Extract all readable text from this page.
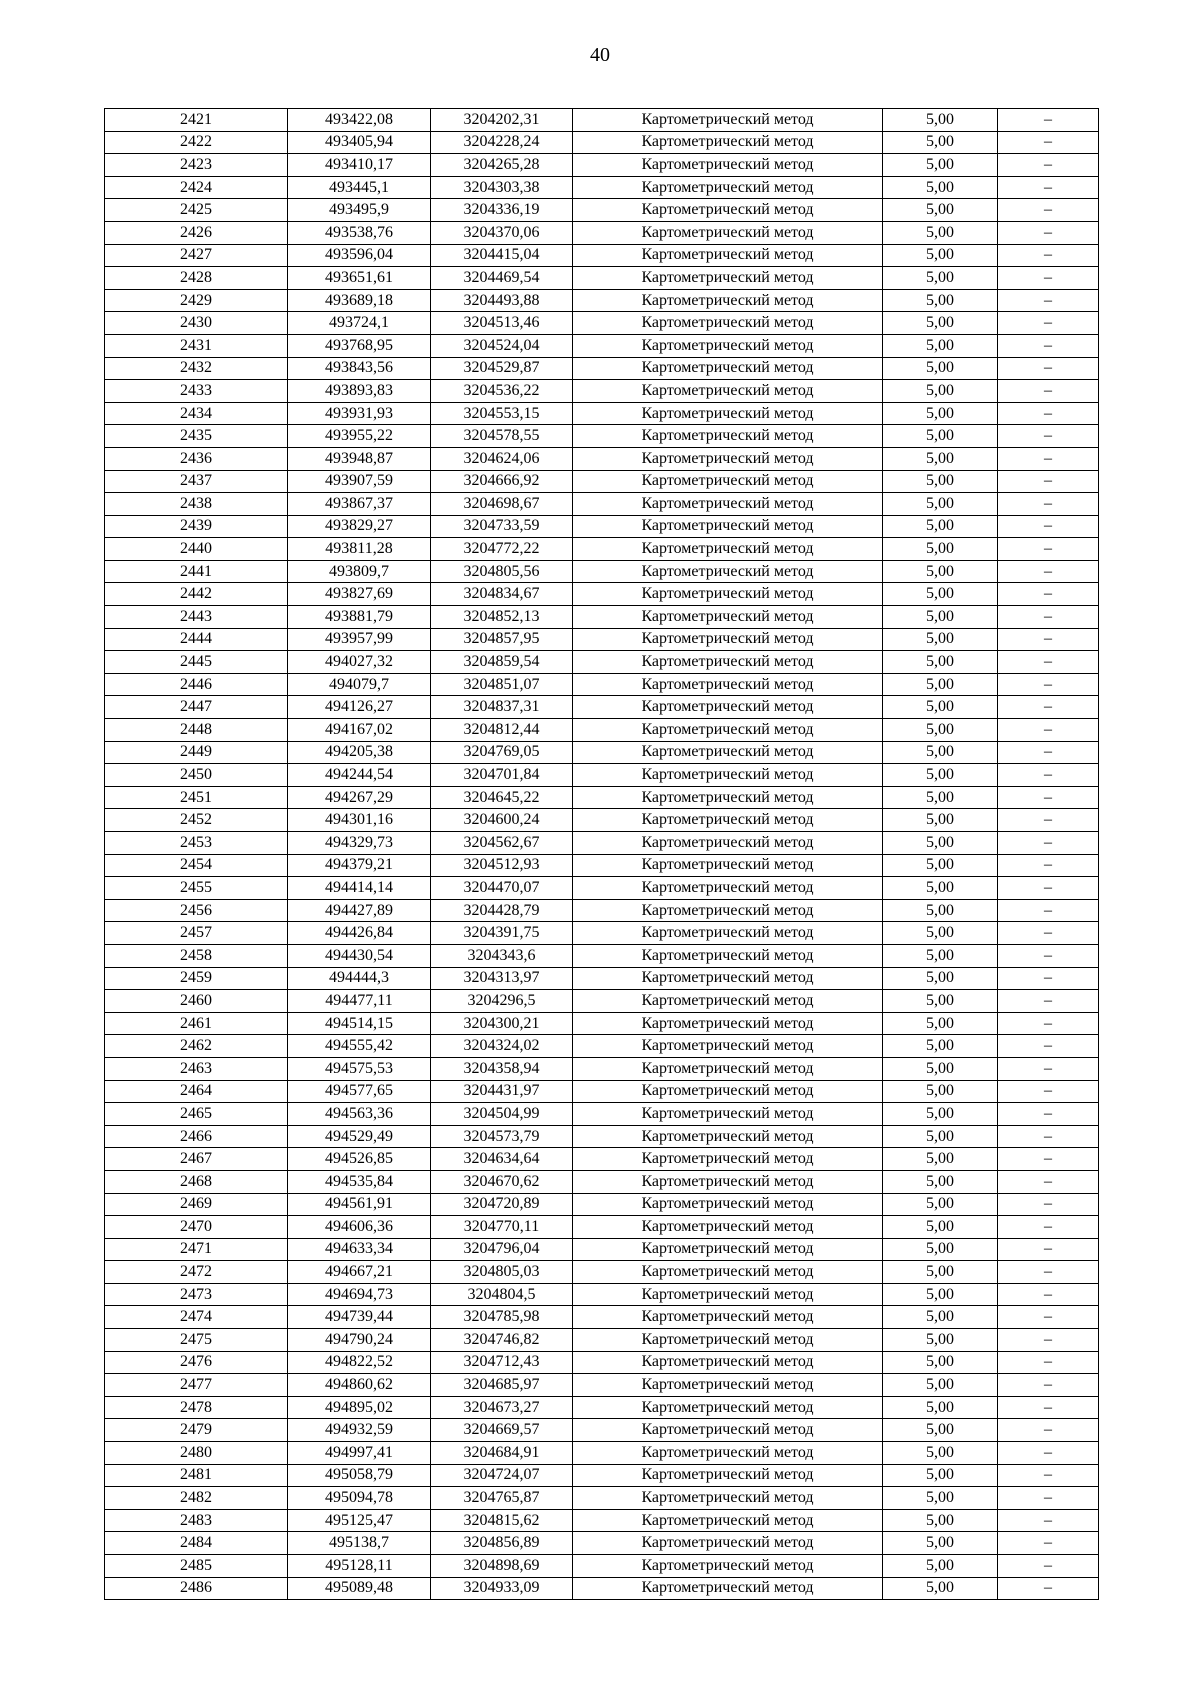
40
2421	493422,08	3204202,31	Картометрический метод	5,00	–
2422	493405,94	3204228,24	Картометрический метод	5,00	–
2423	493410,17	3204265,28	Картометрический метод	5,00	–
2424	493445,1	3204303,38	Картометрический метод	5,00	–
2425	493495,9	3204336,19	Картометрический метод	5,00	–
2426	493538,76	3204370,06	Картометрический метод	5,00	–
2427	493596,04	3204415,04	Картометрический метод	5,00	–
2428	493651,61	3204469,54	Картометрический метод	5,00	–
2429	493689,18	3204493,88	Картометрический метод	5,00	–
2430	493724,1	3204513,46	Картометрический метод	5,00	–
2431	493768,95	3204524,04	Картометрический метод	5,00	–
2432	493843,56	3204529,87	Картометрический метод	5,00	–
2433	493893,83	3204536,22	Картометрический метод	5,00	–
2434	493931,93	3204553,15	Картометрический метод	5,00	–
2435	493955,22	3204578,55	Картометрический метод	5,00	–
2436	493948,87	3204624,06	Картометрический метод	5,00	–
2437	493907,59	3204666,92	Картометрический метод	5,00	–
2438	493867,37	3204698,67	Картометрический метод	5,00	–
2439	493829,27	3204733,59	Картометрический метод	5,00	–
2440	493811,28	3204772,22	Картометрический метод	5,00	–
2441	493809,7	3204805,56	Картометрический метод	5,00	–
2442	493827,69	3204834,67	Картометрический метод	5,00	–
2443	493881,79	3204852,13	Картометрический метод	5,00	–
2444	493957,99	3204857,95	Картометрический метод	5,00	–
2445	494027,32	3204859,54	Картометрический метод	5,00	–
2446	494079,7	3204851,07	Картометрический метод	5,00	–
2447	494126,27	3204837,31	Картометрический метод	5,00	–
2448	494167,02	3204812,44	Картометрический метод	5,00	–
2449	494205,38	3204769,05	Картометрический метод	5,00	–
2450	494244,54	3204701,84	Картометрический метод	5,00	–
2451	494267,29	3204645,22	Картометрический метод	5,00	–
2452	494301,16	3204600,24	Картометрический метод	5,00	–
2453	494329,73	3204562,67	Картометрический метод	5,00	–
2454	494379,21	3204512,93	Картометрический метод	5,00	–
2455	494414,14	3204470,07	Картометрический метод	5,00	–
2456	494427,89	3204428,79	Картометрический метод	5,00	–
2457	494426,84	3204391,75	Картометрический метод	5,00	–
2458	494430,54	3204343,6	Картометрический метод	5,00	–
2459	494444,3	3204313,97	Картометрический метод	5,00	–
2460	494477,11	3204296,5	Картометрический метод	5,00	–
2461	494514,15	3204300,21	Картометрический метод	5,00	–
2462	494555,42	3204324,02	Картометрический метод	5,00	–
2463	494575,53	3204358,94	Картометрический метод	5,00	–
2464	494577,65	3204431,97	Картометрический метод	5,00	–
2465	494563,36	3204504,99	Картометрический метод	5,00	–
2466	494529,49	3204573,79	Картометрический метод	5,00	–
2467	494526,85	3204634,64	Картометрический метод	5,00	–
2468	494535,84	3204670,62	Картометрический метод	5,00	–
2469	494561,91	3204720,89	Картометрический метод	5,00	–
2470	494606,36	3204770,11	Картометрический метод	5,00	–
2471	494633,34	3204796,04	Картометрический метод	5,00	–
2472	494667,21	3204805,03	Картометрический метод	5,00	–
2473	494694,73	3204804,5	Картометрический метод	5,00	–
2474	494739,44	3204785,98	Картометрический метод	5,00	–
2475	494790,24	3204746,82	Картометрический метод	5,00	–
2476	494822,52	3204712,43	Картометрический метод	5,00	–
2477	494860,62	3204685,97	Картометрический метод	5,00	–
2478	494895,02	3204673,27	Картометрический метод	5,00	–
2479	494932,59	3204669,57	Картометрический метод	5,00	–
2480	494997,41	3204684,91	Картометрический метод	5,00	–
2481	495058,79	3204724,07	Картометрический метод	5,00	–
2482	495094,78	3204765,87	Картометрический метод	5,00	–
2483	495125,47	3204815,62	Картометрический метод	5,00	–
2484	495138,7	3204856,89	Картометрический метод	5,00	–
2485	495128,11	3204898,69	Картометрический метод	5,00	–
2486	495089,48	3204933,09	Картометрический метод	5,00	–
